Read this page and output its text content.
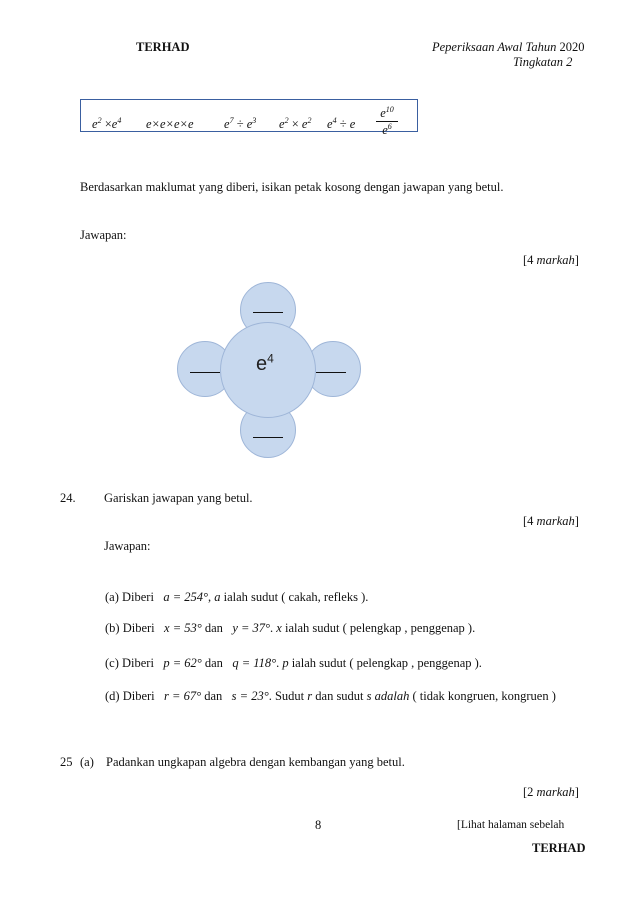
TERHAD	Peperiksaan Awal Tahun 2020
Tingkatan 2
$e^2 \times e^4$ e×e×e×e $e^7 \div e^3$ $e^2 \times e^2$ $e^4 \div e$
$e^{10}$
$e^6$
Berdasarkan maklumat yang diberi, isikan petak kosong dengan jawapan yang betul.
Jawapan:
[4 markah]
$e^4$
24. Gariskan jawapan yang betul.
[4 markah]
Jawapan:
(a) Diberi a = 254°, a ialah sudut ( cakah, refleks ).
(b) Diberi x = 53° dan y = 37°. x ialah sudut ( pelengkap , penggenap ).
(c) Diberi p = 62° dan q = 118°. p ialah sudut ( pelengkap , penggenap ).
(d) Diberi r = 67° dan s = 23°. Sudut r dan sudut s adalah ( tidak kongruen, kongruen )
25 (a) Padankan ungkapan algebra dengan kembangan yang betul.
[2 markah]
8	[Lihat halaman sebelah
TERHAD
